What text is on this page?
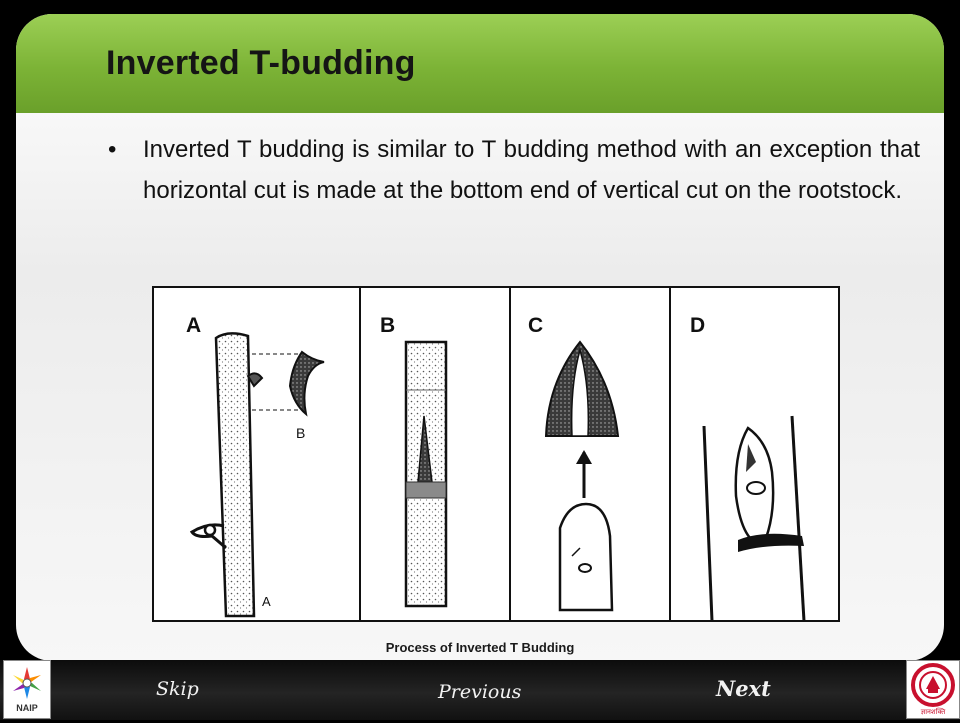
Inverted T-budding
• Inverted T budding is similar to T budding method with an exception that horizontal cut is made at the bottom end of vertical cut on the rootstock.
A	B	C	D
B
A
Process of Inverted T Budding
Skip	Previous	Next
NAIP	ज्ञानशक्ति
